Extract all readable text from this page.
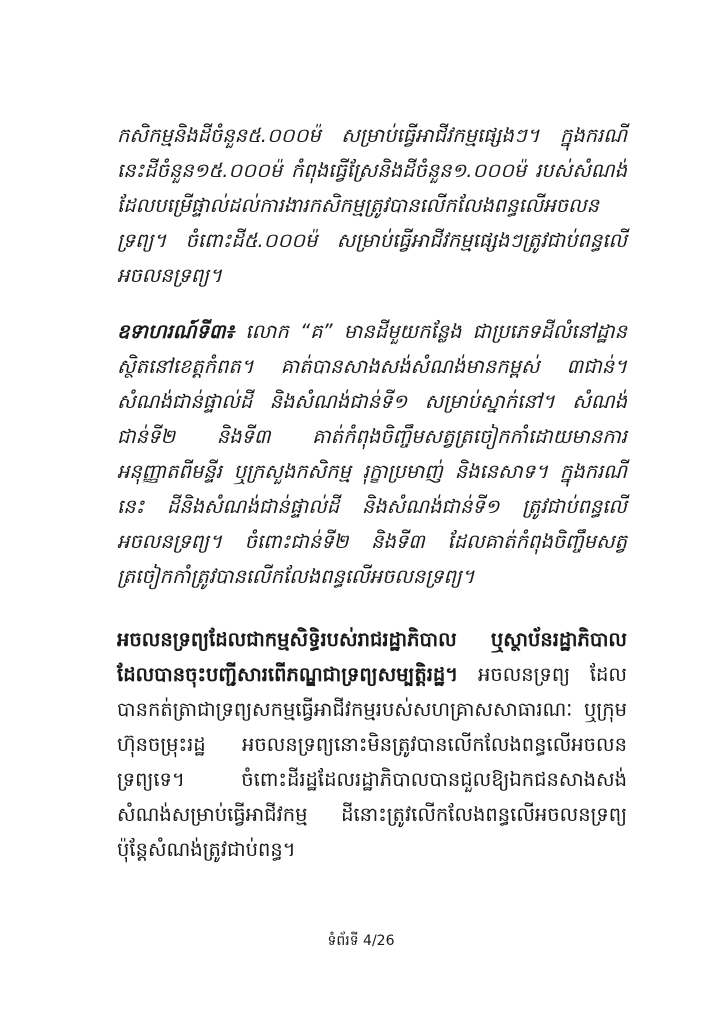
កសិកម្មនិងដីចំនួន៥.០០០ម៉ ​សម្រាប់ធ្វើអាជីវកម្មផ្សេងៗ។ ក្នុងករណីនេះដីចំនួន១៥.០០០ម៉ កំពុងធ្វើស្រែនិងដីចំនួន១.០០០ម៉ របស់សំណង់ដែលបម្រើផ្ទាល់ដល់ការងារកសិកម្មត្រូវបានលើកលែងពន្ធលើអចលនទ្រព្យ។ ចំពោះដី៥.០០០ម៉ សម្រាប់ធ្វើអាជីវកម្មផ្សេងៗត្រូវជាប់ពន្ធលើអចលនទ្រព្យ។

ឧទាហរណ៍ទី៣៖ លោក “គ” មានដីមួយកន្លែង ជាប្រភេទដីលំនៅដ្ឋានស្ថិតនៅខេត្តកំពត។ គាត់បានសាងសង់សំណង់មានកម្ពស់ ៣ជាន់។ សំណង់ជាន់ផ្ទាល់ដី និងសំណង់ជាន់ទី១ សម្រាប់ស្នាក់នៅ។ សំណង់ជាន់ទី២ និងទី៣ គាត់កំពុងចិញ្ចឹមសត្វត្រចៀកកាំដោយមានការអនុញ្ញាតពីមន្ទីរ ឬក្រសួងកសិកម្ម រុក្ខាប្រមាញ់ និងនេសាទ។ ក្នុងករណីនេះ ដីនិងសំណង់ជាន់ផ្ទាល់ដី និងសំណង់ជាន់ទី១ ត្រូវជាប់ពន្ធលើអចលនទ្រព្យ។ ចំពោះជាន់ទី២ និងទី៣ ដែលគាត់កំពុងចិញ្ចឹមសត្វត្រចៀកកាំត្រូវបានលើកលែងពន្ធលើអចលនទ្រព្យ។

អចលនទ្រព្យដែលជាកម្មសិទ្ធិរបស់រាជរដ្ឋាភិបាល ឬស្ថាប័នរដ្ឋាភិបាលដែលបានចុះបញ្ជីសារពើភណ្ឌជាទ្រព្យសម្បត្តិរដ្ឋ។ អចលនទ្រព្យ ដែលបានកត់ត្រាជាទ្រព្យសកម្មធ្វើអាជីវកម្មរបស់សហគ្រាសសាធារណៈ ឬក្រុមហ៊ុនចម្រុះរដ្ឋ អចលនទ្រព្យនោះមិនត្រូវបានលើកលែងពន្ធលើអចលនទ្រព្យទេ។ ចំពោះដីរដ្ឋដែលរដ្ឋាភិបាលបានជួលឱ្យឯកជនសាងសង់សំណង់សម្រាប់ធ្វើអាជីវកម្ម ដីនោះត្រូវលើកលែងពន្ធលើអចលនទ្រព្យ ប៉ុន្តែសំណង់ត្រូវជាប់ពន្ធ។

ទំព័រទី 4/26
